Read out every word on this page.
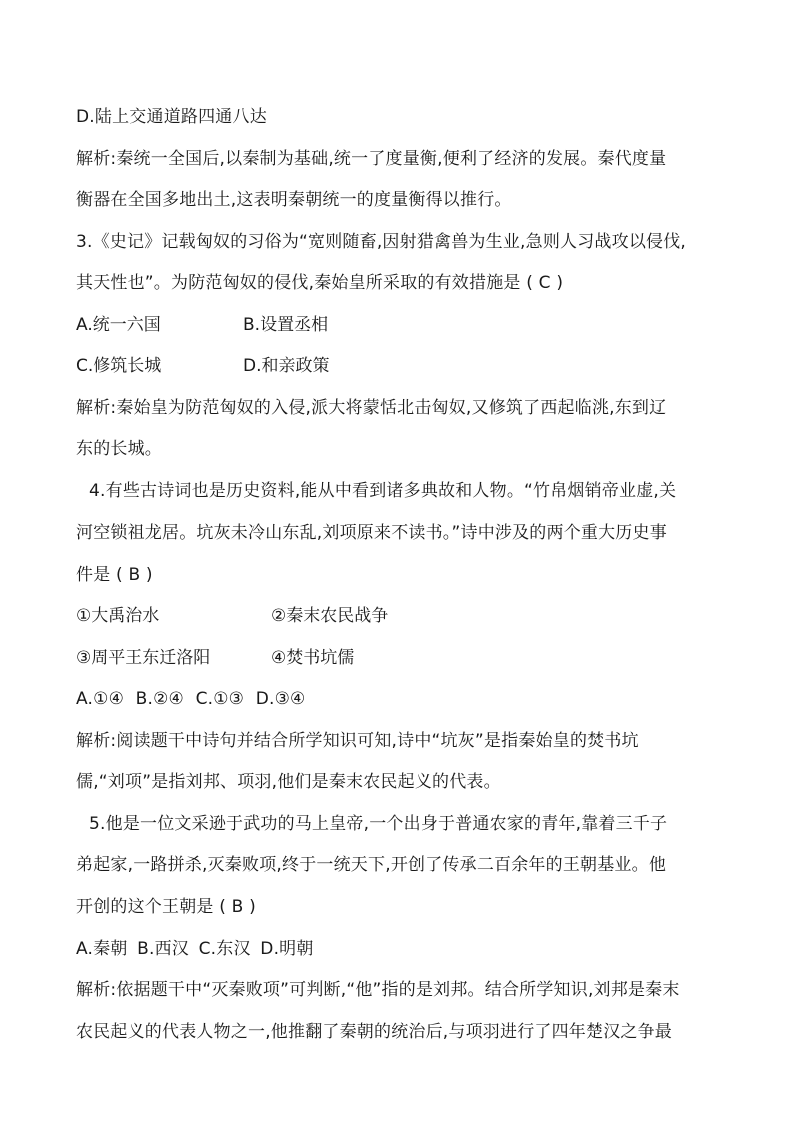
D.陆上交通道路四通八达
解析:秦统一全国后,以秦制为基础,统一了度量衡,便利了经济的发展。秦代度量
衡器在全国多地出土,这表明秦朝统一的度量衡得以推行。
3.《史记》记载匈奴的习俗为“宽则随畜,因射猎禽兽为生业,急则人习战攻以侵伐,
其天性也”。为防范匈奴的侵伐,秦始皇所采取的有效措施是 ( C )
A.统一六国	B.设置丞相
C.修筑长城	D.和亲政策
解析:秦始皇为防范匈奴的入侵,派大将蒙恬北击匈奴,又修筑了西起临洮,东到辽
东的长城。
4.有些古诗词也是历史资料,能从中看到诸多典故和人物。“竹帛烟销帝业虚,关
河空锁祖龙居。坑灰未冷山东乱,刘项原来不读书。”诗中涉及的两个重大历史事
件是 ( B )
①大禹治水	②秦末农民战争
③周平王东迁洛阳	④焚书坑儒
A.①④ B.②④ C.①③ D.③④
解析:阅读题干中诗句并结合所学知识可知,诗中“坑灰”是指秦始皇的焚书坑
儒,“刘项”是指刘邦、项羽,他们是秦末农民起义的代表。
5.他是一位文采逊于武功的马上皇帝,一个出身于普通农家的青年,靠着三千子
弟起家,一路拼杀,灭秦败项,终于一统天下,开创了传承二百余年的王朝基业。他
开创的这个王朝是 ( B )
A.秦朝 B.西汉 C.东汉 D.明朝
解析:依据题干中“灭秦败项”可判断,“他”指的是刘邦。结合所学知识,刘邦是秦末
农民起义的代表人物之一,他推翻了秦朝的统治后,与项羽进行了四年楚汉之争最
